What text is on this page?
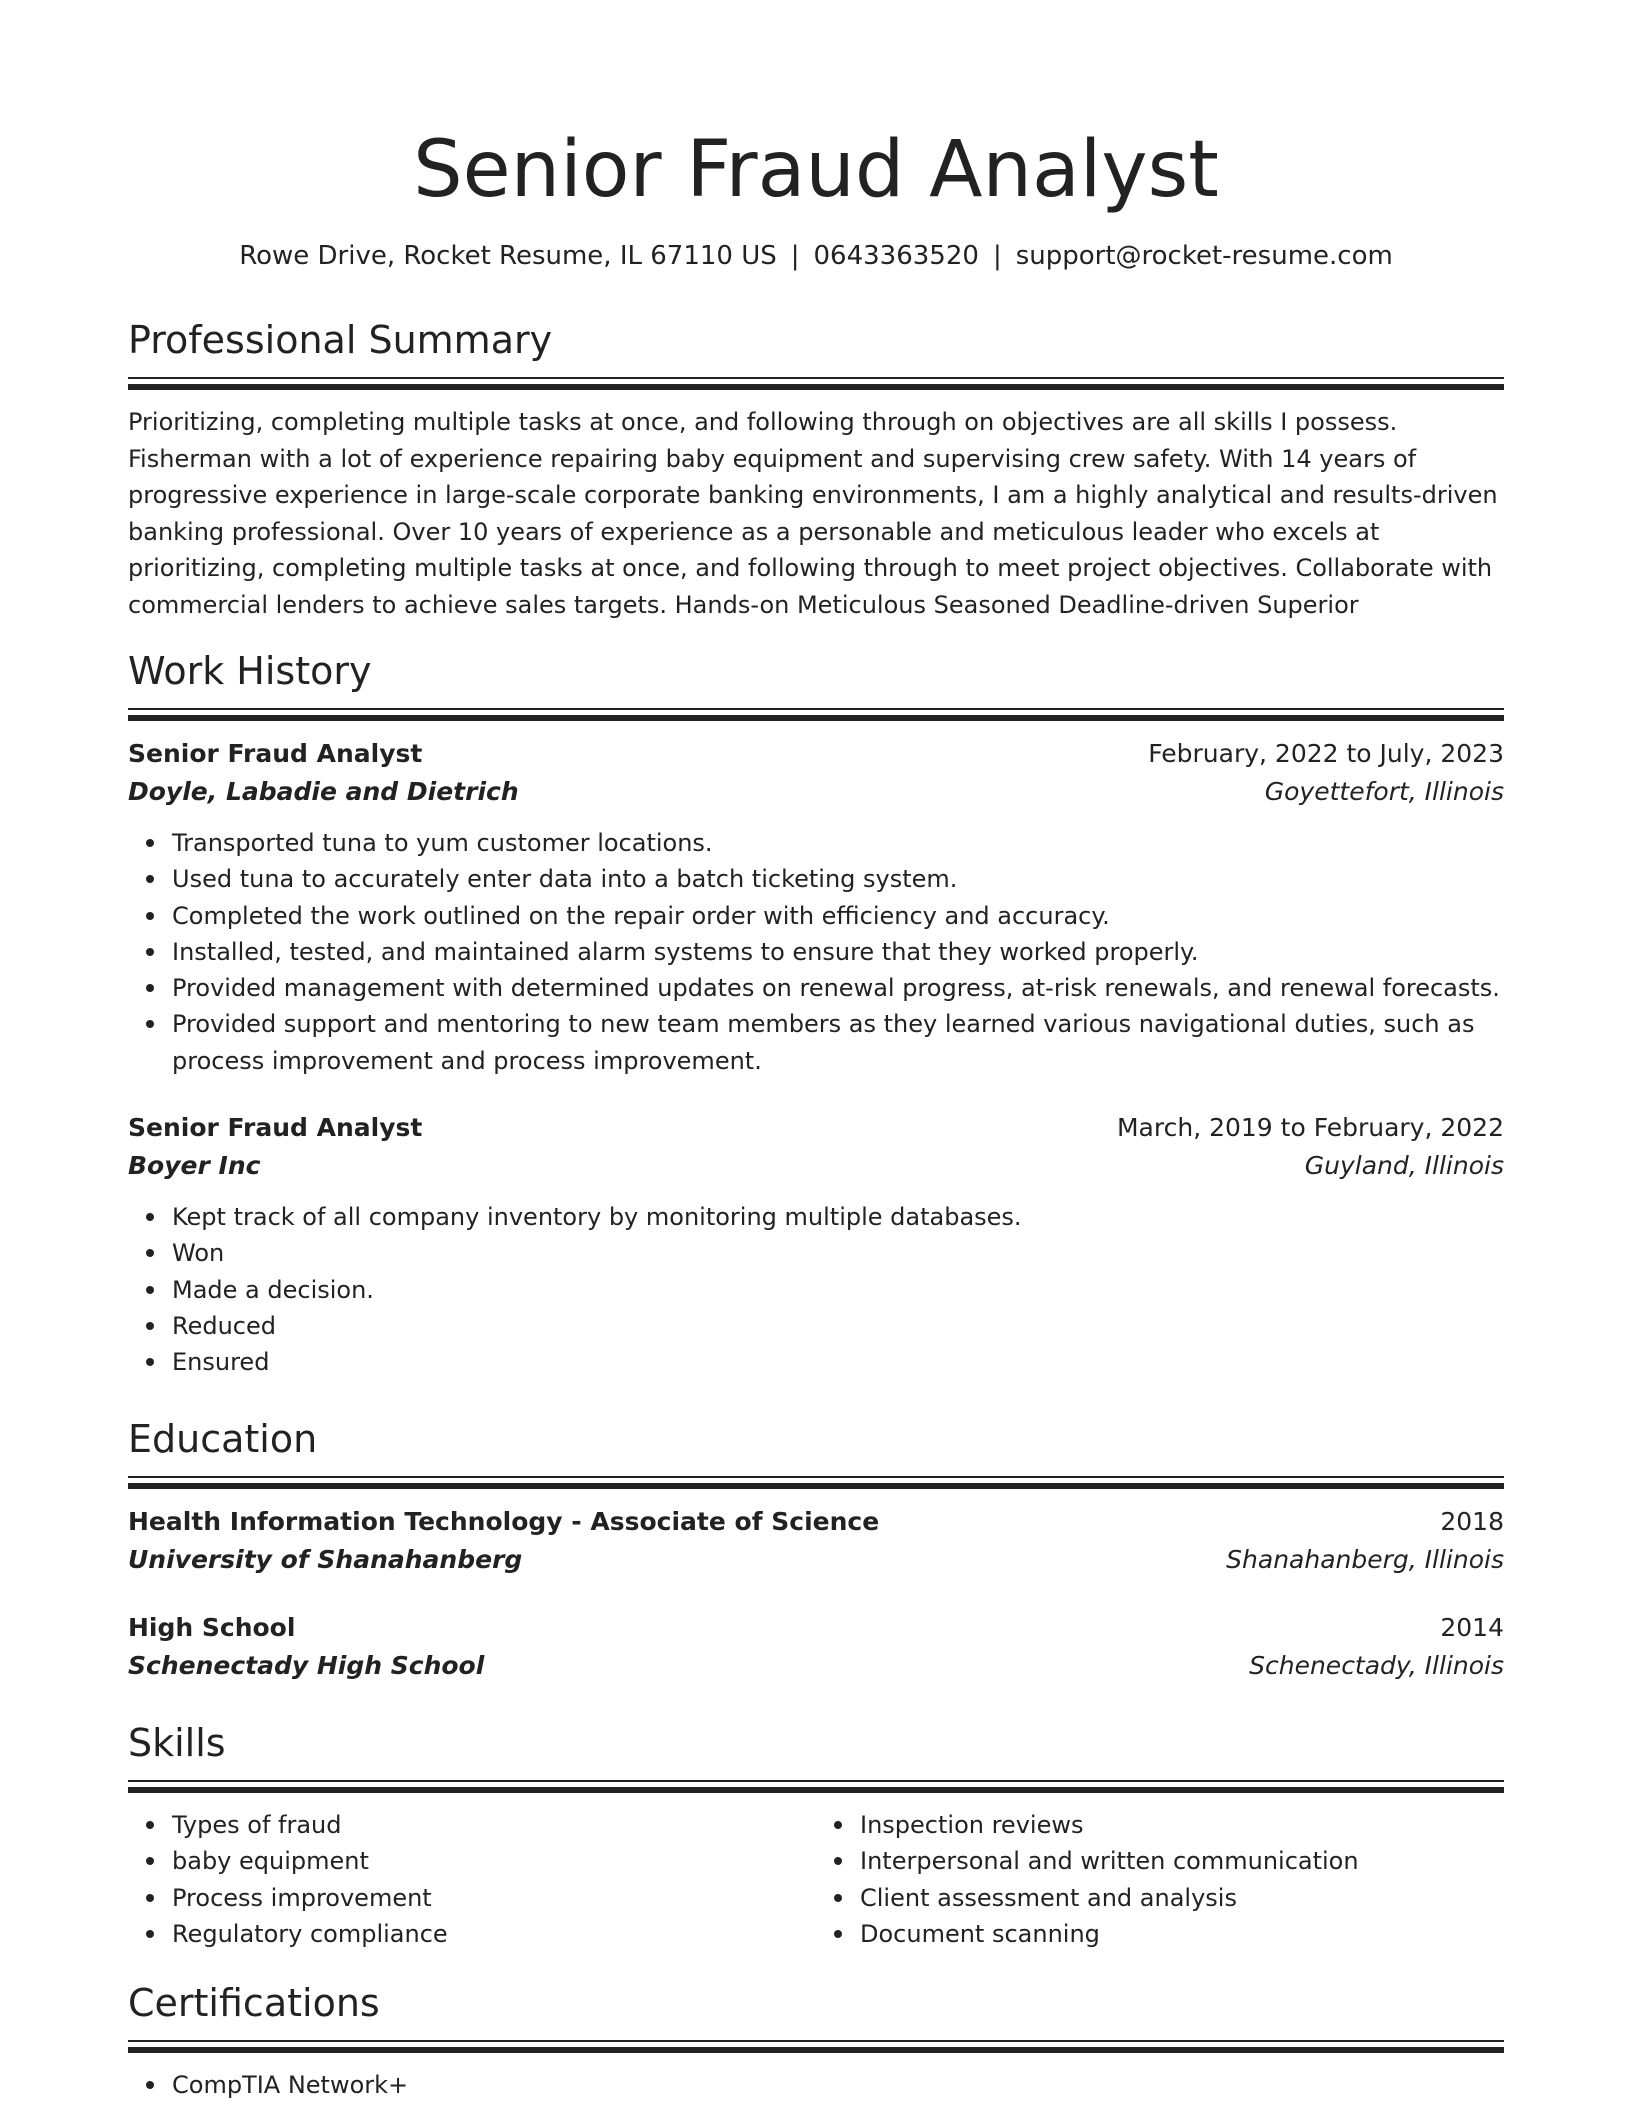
Senior Fraud Analyst
Rowe Drive, Rocket Resume, IL 67110 US | 0643363520 | support@rocket-resume.com
Professional Summary

Prioritizing, completing multiple tasks at once, and following through on objectives are all skills I possess. Fisherman with a lot of experience repairing baby equipment and supervising crew safety. With 14 years of progressive experience in large-scale corporate banking environments, I am a highly analytical and results-driven banking professional. Over 10 years of experience as a personable and meticulous leader who excels at prioritizing, completing multiple tasks at once, and following through to meet project objectives. Collaborate with commercial lenders to achieve sales targets. Hands-on Meticulous Seasoned Deadline-driven Superior

Work History
Senior Fraud Analyst	February, 2022 to July, 2023
Doyle, Labadie and Dietrich	Goyettefort, Illinois
Transported tuna to yum customer locations.
Used tuna to accurately enter data into a batch ticketing system.
Completed the work outlined on the repair order with efficiency and accuracy.
Installed, tested, and maintained alarm systems to ensure that they worked properly.
Provided management with determined updates on renewal progress, at-risk renewals, and renewal forecasts.
Provided support and mentoring to new team members as they learned various navigational duties, such as process improvement and process improvement.
Senior Fraud Analyst	March, 2019 to February, 2022
Boyer Inc	Guyland, Illinois
Kept track of all company inventory by monitoring multiple databases.
Won
Made a decision.
Reduced
Ensured
Education
Health Information Technology - Associate of Science	2018
University of Shanahanberg	Shanahanberg, Illinois
High School	2014
Schenectady High School	Schenectady, Illinois
Skills
Types of fraud
baby equipment
Process improvement
Regulatory compliance
Inspection reviews
Interpersonal and written communication
Client assessment and analysis
Document scanning
Certifications
CompTIA Network+
